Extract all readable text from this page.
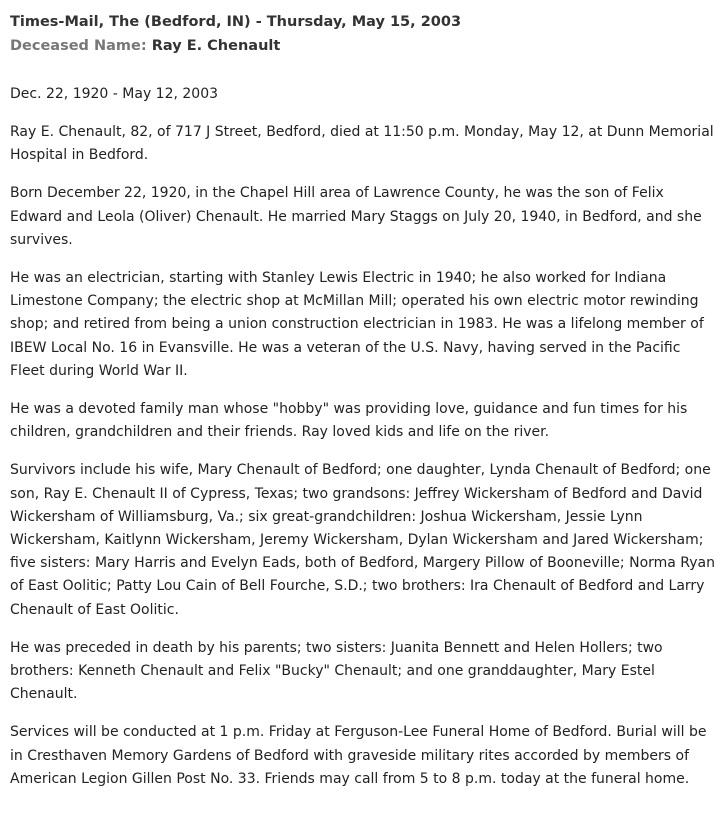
Times-Mail, The (Bedford, IN) - Thursday, May 15, 2003
Deceased Name: Ray E. Chenault
Dec. 22, 1920 - May 12, 2003

Ray E. Chenault, 82, of 717 J Street, Bedford, died at 11:50 p.m. Monday, May 12, at Dunn Memorial Hospital in Bedford.

Born December 22, 1920, in the Chapel Hill area of Lawrence County, he was the son of Felix Edward and Leola (Oliver) Chenault. He married Mary Staggs on July 20, 1940, in Bedford, and she survives.

He was an electrician, starting with Stanley Lewis Electric in 1940; he also worked for Indiana Limestone Company; the electric shop at McMillan Mill; operated his own electric motor rewinding shop; and retired from being a union construction electrician in 1983. He was a lifelong member of IBEW Local No. 16 in Evansville. He was a veteran of the U.S. Navy, having served in the Pacific Fleet during World War II.

He was a devoted family man whose "hobby" was providing love, guidance and fun times for his children, grandchildren and their friends. Ray loved kids and life on the river.

Survivors include his wife, Mary Chenault of Bedford; one daughter, Lynda Chenault of Bedford; one son, Ray E. Chenault II of Cypress, Texas; two grandsons: Jeffrey Wickersham of Bedford and David Wickersham of Williamsburg, Va.; six great-grandchildren: Joshua Wickersham, Jessie Lynn Wickersham, Kaitlynn Wickersham, Jeremy Wickersham, Dylan Wickersham and Jared Wickersham; five sisters: Mary Harris and Evelyn Eads, both of Bedford, Margery Pillow of Booneville; Norma Ryan of East Oolitic; Patty Lou Cain of Bell Fourche, S.D.; two brothers: Ira Chenault of Bedford and Larry Chenault of East Oolitic.

He was preceded in death by his parents; two sisters: Juanita Bennett and Helen Hollers; two brothers: Kenneth Chenault and Felix "Bucky" Chenault; and one granddaughter, Mary Estel Chenault.

Services will be conducted at 1 p.m. Friday at Ferguson-Lee Funeral Home of Bedford. Burial will be in Cresthaven Memory Gardens of Bedford with graveside military rites accorded by members of American Legion Gillen Post No. 33. Friends may call from 5 to 8 p.m. today at the funeral home.
